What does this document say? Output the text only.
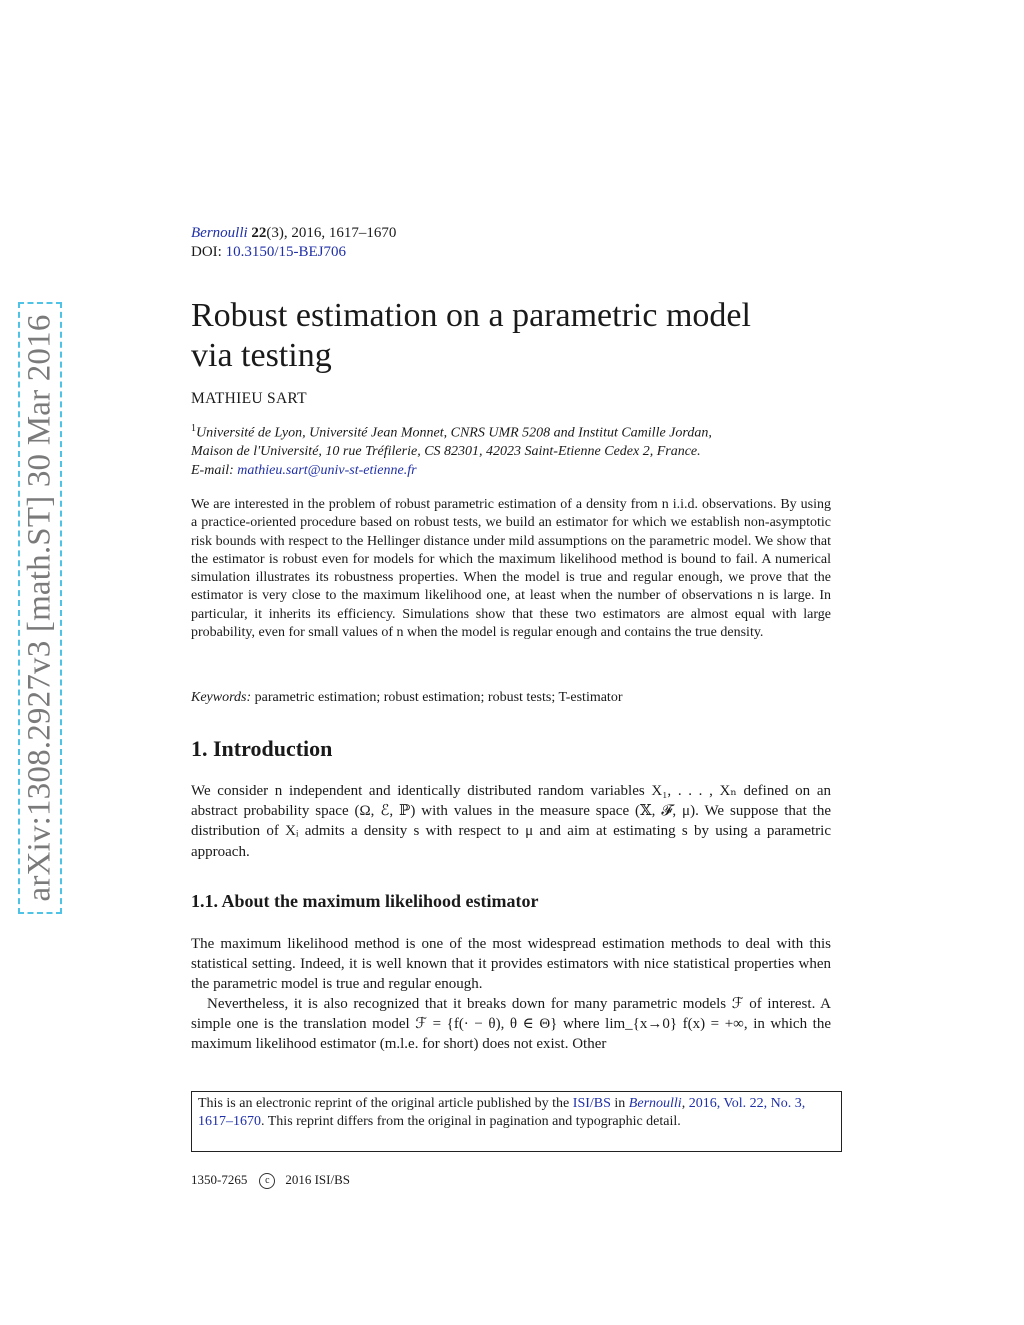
arXiv:1308.2927v3 [math.ST] 30 Mar 2016
Bernoulli 22(3), 2016, 1617–1670
DOI: 10.3150/15-BEJ706
Robust estimation on a parametric model
via testing
MATHIEU SART
$^1$Université de Lyon, Université Jean Monnet, CNRS UMR 5208 and Institut Camille Jordan,
Maison de l'Université, 10 rue Tréfilerie, CS 82301, 42023 Saint-Etienne Cedex 2, France.
E-mail: mathieu.sart@univ-st-etienne.fr
We are interested in the problem of robust parametric estimation of a density from n i.i.d. observations. By using a practice-oriented procedure based on robust tests, we build an estimator for which we establish non-asymptotic risk bounds with respect to the Hellinger distance under mild assumptions on the parametric model. We show that the estimator is robust even for models for which the maximum likelihood method is bound to fail. A numerical simulation illustrates its robustness properties. When the model is true and regular enough, we prove that the estimator is very close to the maximum likelihood one, at least when the number of observations n is large. In particular, it inherits its efficiency. Simulations show that these two estimators are almost equal with large probability, even for small values of n when the model is regular enough and contains the true density.
Keywords: parametric estimation; robust estimation; robust tests; T-estimator
1. Introduction
We consider n independent and identically distributed random variables X₁, . . . , Xₙ defined on an abstract probability space (Ω, ℰ, ℙ) with values in the measure space (𝕏, 𝓕, μ). We suppose that the distribution of Xᵢ admits a density s with respect to μ and aim at estimating s by using a parametric approach.
1.1. About the maximum likelihood estimator

The maximum likelihood method is one of the most widespread estimation methods to deal with this statistical setting. Indeed, it is well known that it provides estimators with nice statistical properties when the parametric model is true and regular enough.

Nevertheless, it is also recognized that it breaks down for many parametric models ℱ of interest. A simple one is the translation model ℱ = {f(· − θ), θ ∈ Θ} where lim_{x→0} f(x) = +∞, in which the maximum likelihood estimator (m.l.e. for short) does not exist. Other

This is an electronic reprint of the original article published by the ISI/BS in Bernoulli, 2016, Vol. 22, No. 3, 1617–1670. This reprint differs from the original in pagination and typographic detail.
1350-7265 c 2016 ISI/BS
